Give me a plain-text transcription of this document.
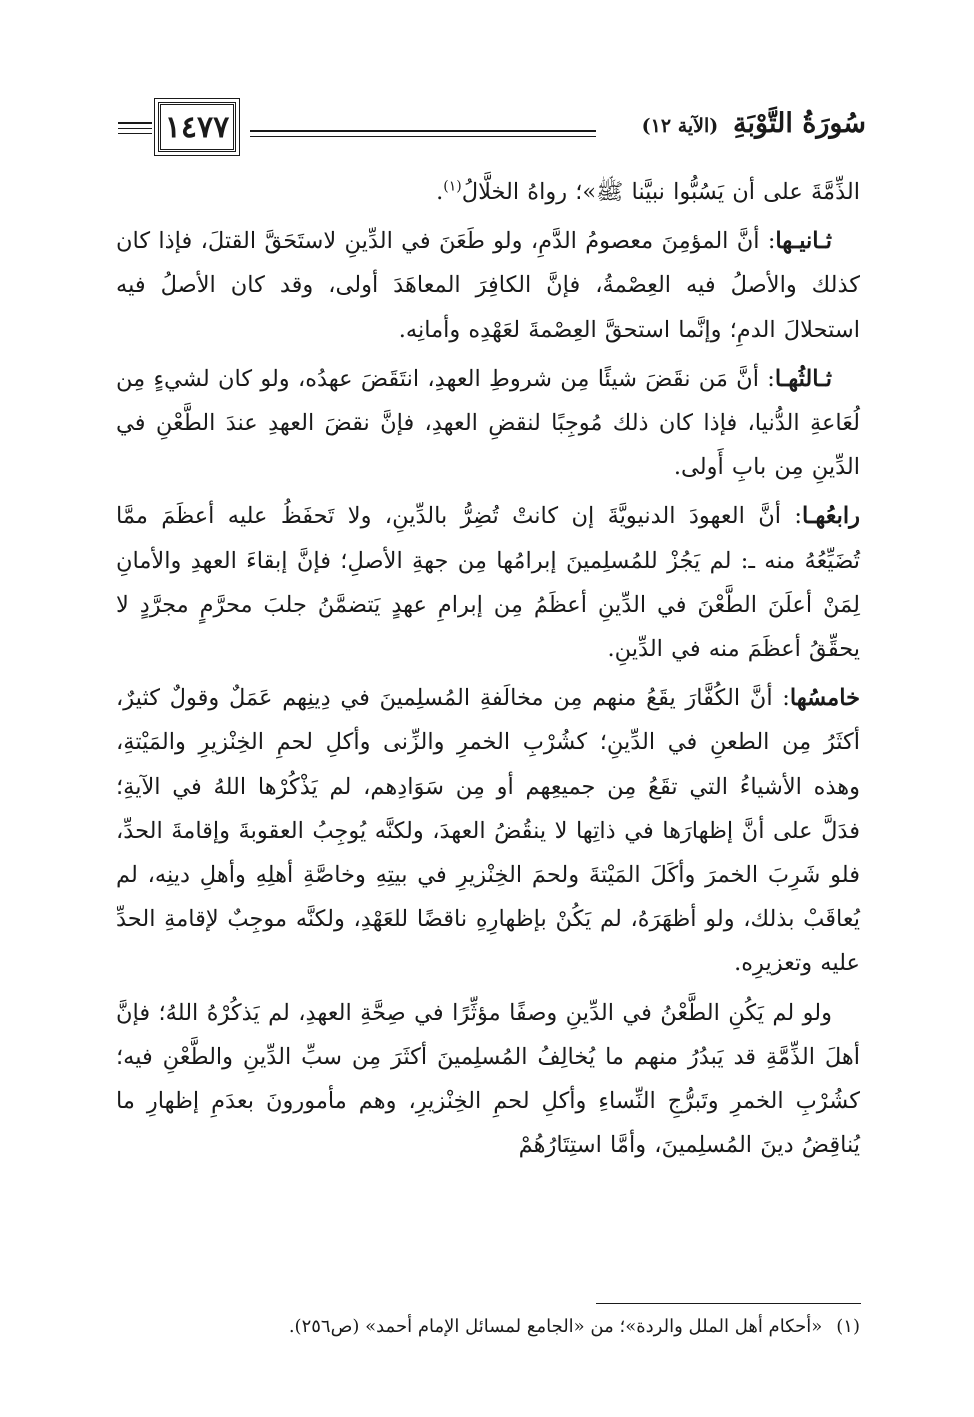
سُورَةُ التَّوْبَةِ (الآية ١٢)
١٤٧٧

الذِّمَّةَ على أن يَسُبُّوا نبيَّنا ﷺ»؛ رواهُ الخلَّالُ$^{(١)}$.

ثـانيـها: أنَّ المؤمِنَ معصومُ الدَّمِ، ولو طَعَنَ في الدِّينِ لاستَحَقَّ القتلَ، فإذا كان كذلك والأصلُ فيه العِصْمةُ، فإنَّ الكافِرَ المعاهَدَ أولى، وقد كان الأصلُ فيه استحلالَ الدمِ؛ وإنَّما استحقَّ العِصْمةَ لعَهْدِه وأمانِه.

ثـالثُهـا: أنَّ مَن نقَضَ شيئًا مِن شروطِ العهدِ، انتَقَضَ عهدُه، ولو كان لشيءٍ مِن لُعَاعةِ الدُّنيا، فإذا كان ذلك مُوجِبًا لنقضِ العهدِ، فإنَّ نقضَ العهدِ عندَ الطَّعْنِ في الدِّينِ مِن بابِ أَولى.

رابعُهـا: أنَّ العهودَ الدنيويَّةَ إن كانتْ تُضِرُّ بالدِّينِ، ولا تَحفَظُ عليه أعظَمَ ممَّا تُضَيِّعُهُ منه ـ: لم يَجُزْ للمُسلِمينَ إبرامُها مِن جهةِ الأصلِ؛ فإنَّ إبقاءَ العهدِ والأمانِ لِمَنْ أعلَنَ الطَّعْنَ في الدِّينِ أعظَمُ مِن إبرامِ عهدٍ يَتضمَّنُ جلبَ محرَّمٍ مجرَّدٍ لا يحقِّقُ أعظَمَ منه في الدِّينِ.

خامسُها: أنَّ الكُفَّارَ يقَعُ منهم مِن مخالَفةِ المُسلِمينَ في دِينِهم عَمَلٌ وقولٌ كثيرٌ، أكثَرُ مِن الطعنِ في الدِّينِ؛ كشُرْبِ الخمرِ والزِّنى وأكلِ لحمِ الخِنْزيرِ والمَيْتةِ، وهذه الأشياءُ التي تقَعُ مِن جميعِهم أو مِن سَوَادِهم، لم يَذْكُرْها اللهُ في الآيةِ؛ فدَلَّ على أنَّ إظهارَها في ذاتِها لا ينقُضُ العهدَ، ولكنَّه يُوجِبُ العقوبةَ وإقامةَ الحدِّ، فلو شَرِبَ الخمرَ وأكَلَ المَيْتةَ ولحمَ الخِنْزيرِ في بيتِهِ وخاصَّةِ أهلِهِ وأهلِ دينِه، لم يُعاقَبْ بذلك، ولو أظهَرَهُ، لم يَكُنْ بإظهارِهِ ناقضًا للعَهْدِ، ولكنَّه موجِبٌ لإقامةِ الحدِّ عليه وتعزيرِه.

ولو لم يَكُنِ الطَّعْنُ في الدِّينِ وصفًا مؤثِّرًا في صِحَّةِ العهدِ، لم يَذكُرْهُ اللهُ؛ فإنَّ أهلَ الذِّمَّةِ قد يَبدُرُ منهم ما يُخالِفُ المُسلِمينَ أكثَرَ مِن سبِّ الدِّينِ والطَّعْنِ فيه؛ كشُرْبِ الخمرِ وتَبرُّجِ النِّساءِ وأكلِ لحمِ الخِنْزيرِ، وهم مأمورونَ بعدَمِ إظهارِ ما يُناقِضُ دينَ المُسلِمينَ، وأمَّا استِتَارُهُمْ

(١)«أحكام أهل الملل والردة»؛ من «الجامع لمسائل الإمام أحمد» (ص٢٥٦).
